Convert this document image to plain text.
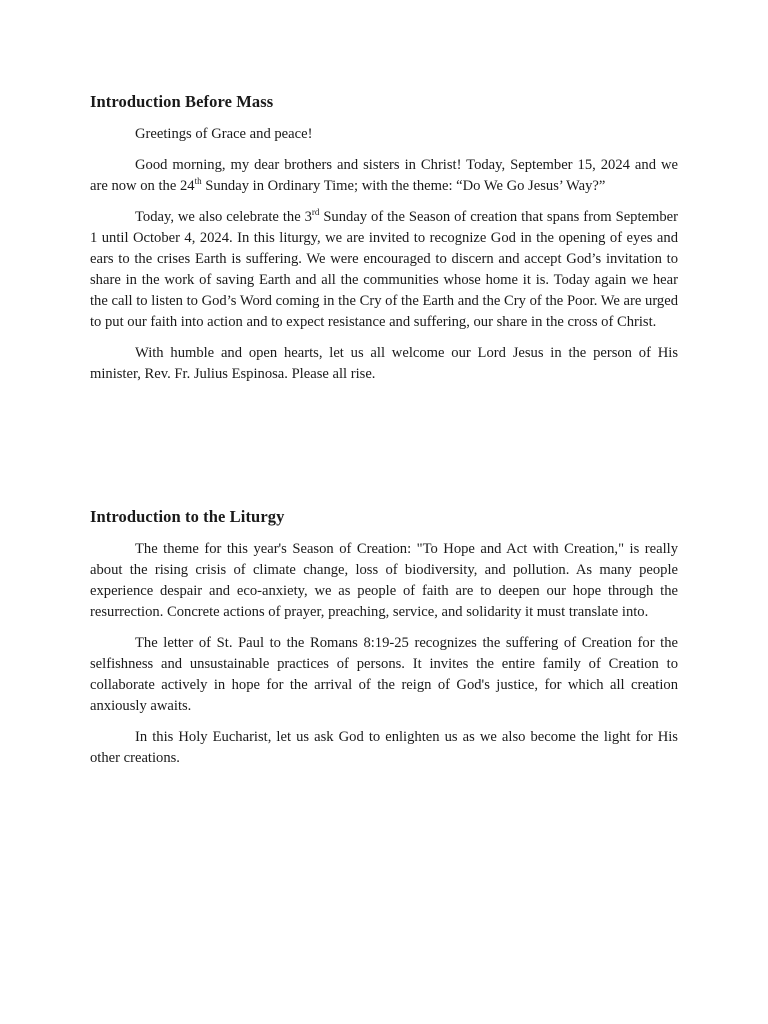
Introduction Before Mass

Greetings of Grace and peace!

Good morning, my dear brothers and sisters in Christ! Today, September 15, 2024 and we are now on the 24th Sunday in Ordinary Time; with the theme: “Do We Go Jesus’ Way?”

Today, we also celebrate the 3rd Sunday of the Season of creation that spans from September 1 until October 4, 2024. In this liturgy, we are invited to recognize God in the opening of eyes and ears to the crises Earth is suffering. We were encouraged to discern and accept God’s invitation to share in the work of saving Earth and all the communities whose home it is. Today again we hear the call to listen to God’s Word coming in the Cry of the Earth and the Cry of the Poor. We are urged to put our faith into action and to expect resistance and suffering, our share in the cross of Christ.

With humble and open hearts, let us all welcome our Lord Jesus in the person of His minister, Rev. Fr. Julius Espinosa. Please all rise.

Introduction to the Liturgy

The theme for this year's Season of Creation: "To Hope and Act with Creation," is really about the rising crisis of climate change, loss of biodiversity, and pollution. As many people experience despair and eco-anxiety, we as people of faith are to deepen our hope through the resurrection. Concrete actions of prayer, preaching, service, and solidarity it must translate into.

The letter of St. Paul to the Romans 8:19-25 recognizes the suffering of Creation for the selfishness and unsustainable practices of persons. It invites the entire family of Creation to collaborate actively in hope for the arrival of the reign of God's justice, for which all creation anxiously awaits.

In this Holy Eucharist, let us ask God to enlighten us as we also become the light for His other creations.
